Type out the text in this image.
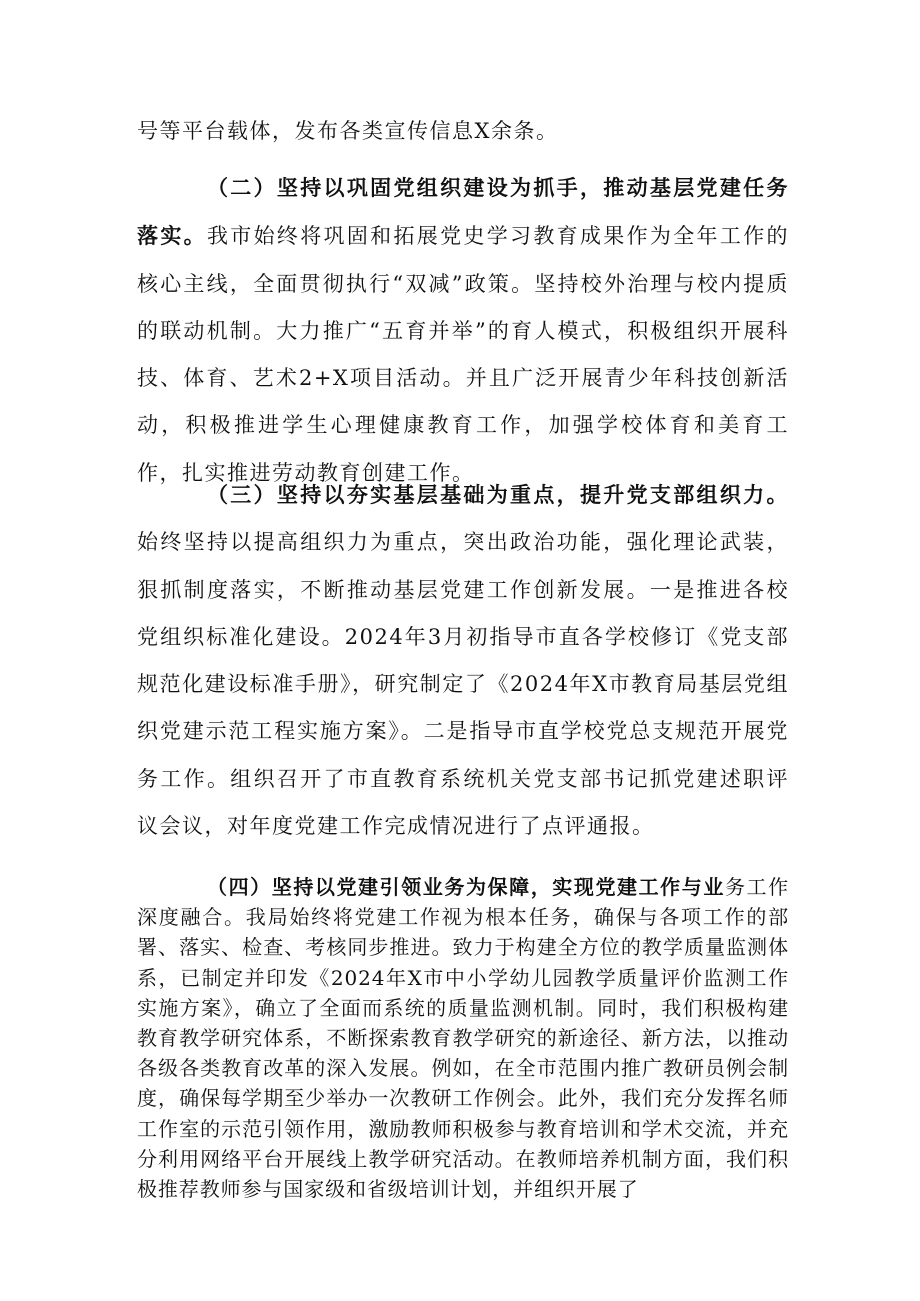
号等平台载体，发布各类宣传信息X余条。

（二）坚持以巩固党组织建设为抓手，推动基层党建任务落实。我市始终将巩固和拓展党史学习教育成果作为全年工作的核心主线，全面贯彻执行“双减”政策。坚持校外治理与校内提质的联动机制。大力推广“五育并举”的育人模式，积极组织开展科技、体育、艺术2+X项目活动。并且广泛开展青少年科技创新活动，积极推进学生心理健康教育工作，加强学校体育和美育工作，扎实推进劳动教育创建工作。

（三）坚持以夯实基层基础为重点，提升党支部组织力。始终坚持以提高组织力为重点，突出政治功能，强化理论武装，狠抓制度落实，不断推动基层党建工作创新发展。一是推进各校党组织标准化建设。2024年3月初指导市直各学校修订《党支部规范化建设标准手册》，研究制定了《2024年X市教育局基层党组织党建示范工程实施方案》。二是指导市直学校党总支规范开展党务工作。组织召开了市直教育系统机关党支部书记抓党建述职评议会议，对年度党建工作完成情况进行了点评通报。

（四）坚持以党建引领业务为保障，实现党建工作与业务工作深度融合。我局始终将党建工作视为根本任务，确保与各项工作的部署、落实、检查、考核同步推进。致力于构建全方位的教学质量监测体系，已制定并印发《2024年X市中小学幼儿园教学质量评价监测工作实施方案》，确立了全面而系统的质量监测机制。同时，我们积极构建教育教学研究体系，不断探索教育教学研究的新途径、新方法，以推动各级各类教育改革的深入发展。例如，在全市范围内推广教研员例会制度，确保每学期至少举办一次教研工作例会。此外，我们充分发挥名师工作室的示范引领作用，激励教师积极参与教育培训和学术交流，并充分利用网络平台开展线上教学研究活动。在教师培养机制方面，我们积极推荐教师参与国家级和省级培训计划，并组织开展了
